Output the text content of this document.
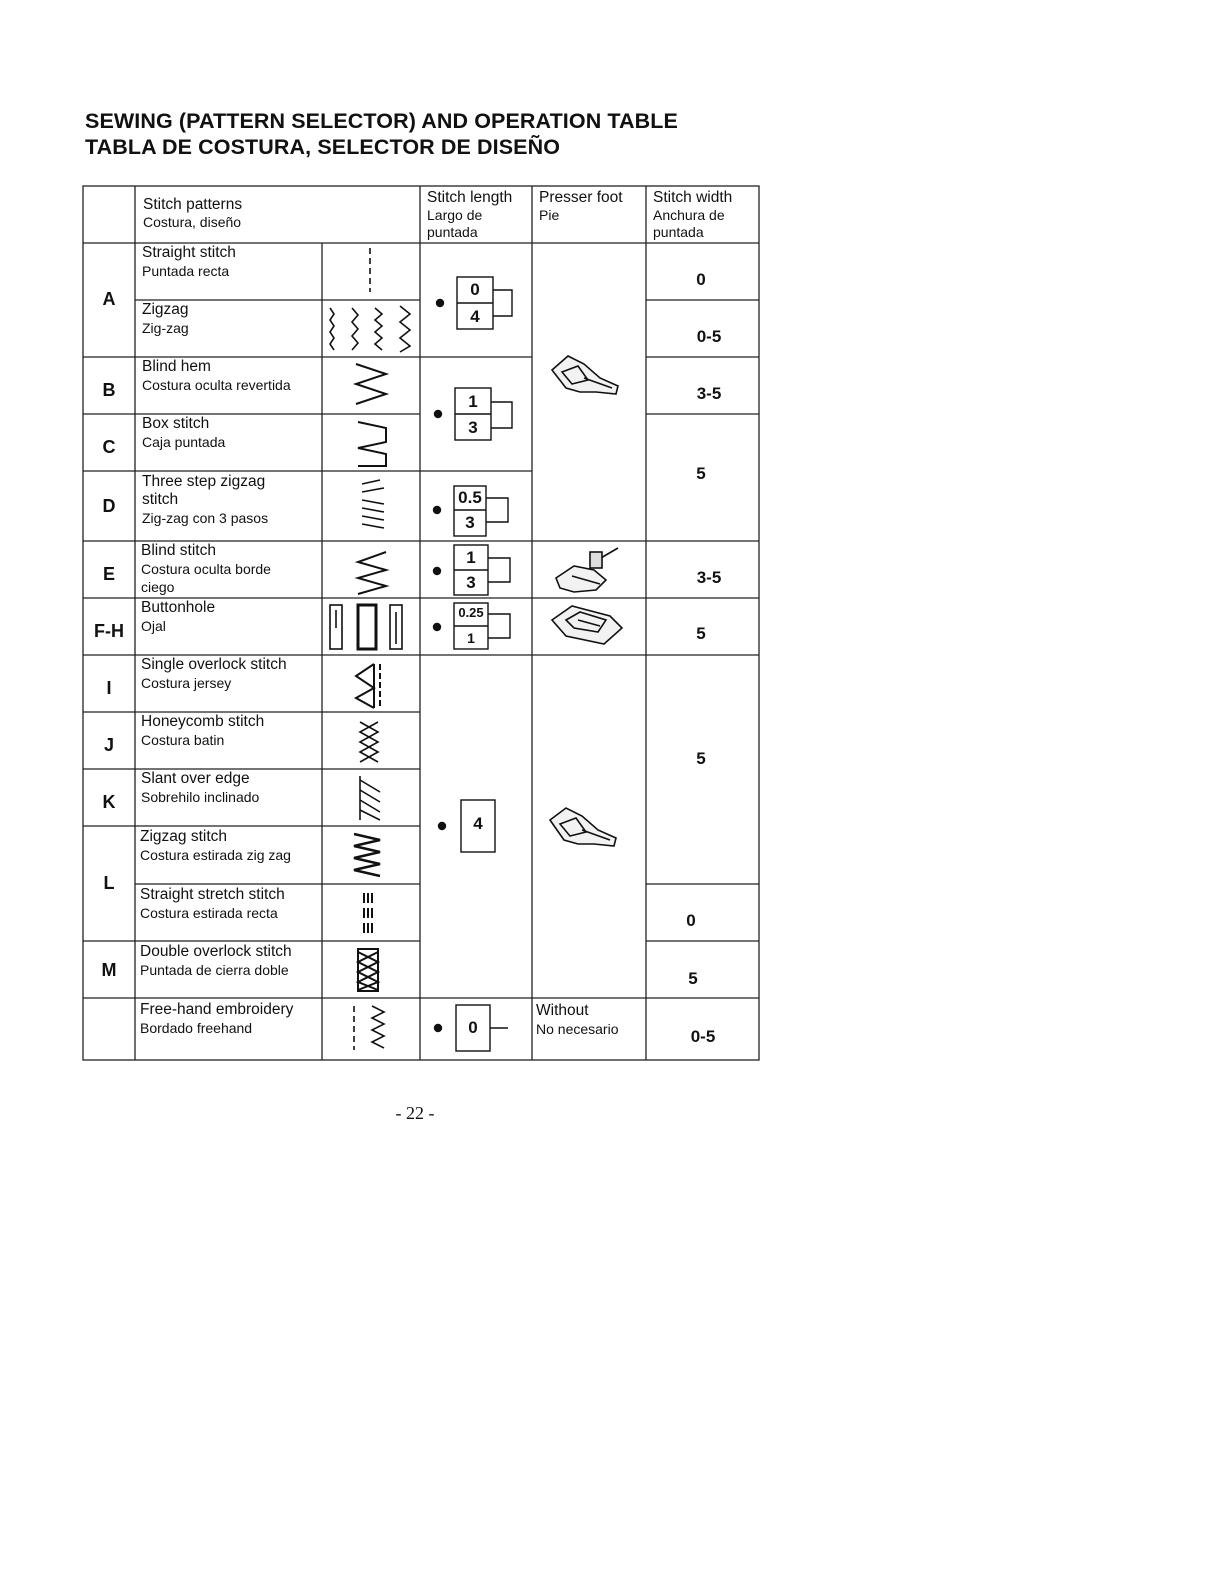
SEWING (PATTERN SELECTOR) AND OPERATION TABLE
TABLA DE COSTURA, SELECTOR DE DISEÑO
Stitch patterns
Costura, diseño
Stitch length
Largo de
puntada
Presser foot
Pie
Stitch width
Anchura de
puntada
A
B
C
D
E
F-H
I
J
K
L
M
Straight stitch
Puntada recta
Zigzag
Zig-zag
Blind hem
Costura oculta revertida
Box stitch
Caja puntada
Three step zigzag
stitch
Zig-zag con 3 pasos
Blind stitch
Costura oculta borde
ciego
Buttonhole
Ojal
Single overlock stitch
Costura jersey
Honeycomb stitch
Costura batin
Slant over edge
Sobrehilo inclinado
Zigzag stitch
Costura estirada zig zag
Straight stretch stitch
Costura estirada recta
Double overlock stitch
Puntada de cierra doble
Free-hand embroidery
Bordado freehand
0
4
1
3
0.5
3
1
3
0.25
1
4
0
Without
No necesario
0
0-5
3-5
5
3-5
5
5
0
5
0-5
- 22 -
